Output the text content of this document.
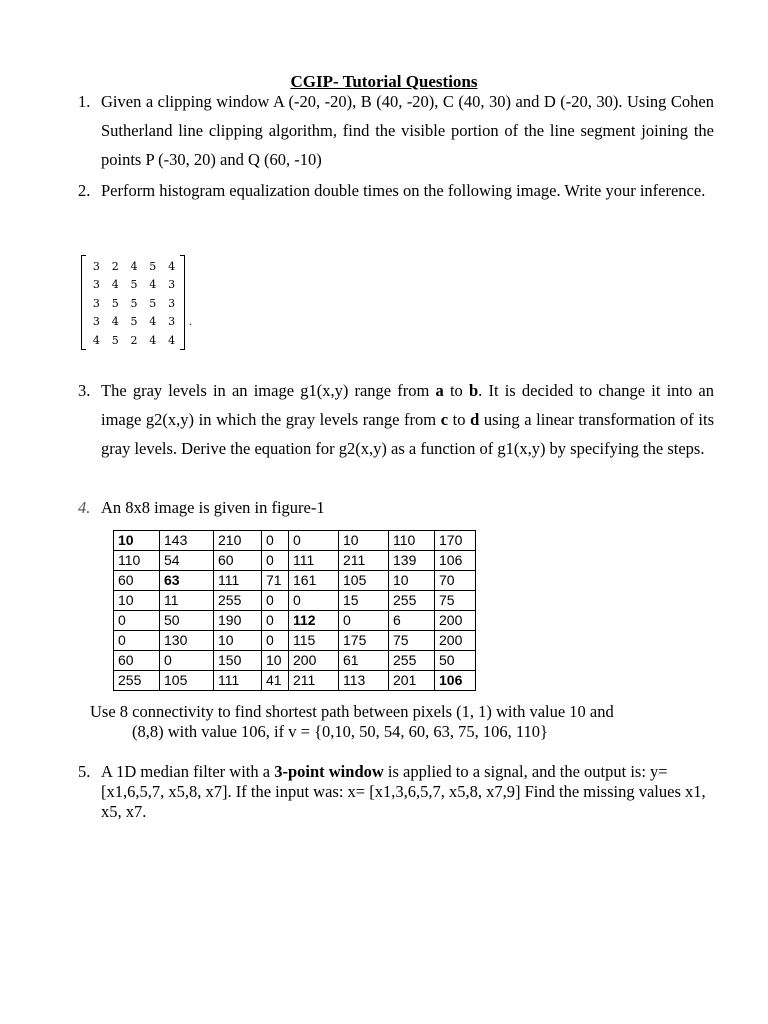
CGIP- Tutorial Questions
1. Given a clipping window A (-20, -20), B (40, -20), C (40, 30) and D (-20, 30). Using Cohen Sutherland line clipping algorithm, find the visible portion of the line segment joining the points P (-30, 20) and Q (60, -10)
2. Perform histogram equalization double times on the following image. Write your inference.
3	2	4	5	4
3	4	5	4	3
3	5	5	5	3
3	4	5	4	3
4	5	2	4	4
.
3. The gray levels in an image g1(x,y) range from a to b. It is decided to change it into an image g2(x,y) in which the gray levels range from c to d using a linear transformation of its gray levels. Derive the equation for g2(x,y) as a function of g1(x,y) by specifying the steps.
4. An 8x8 image is given in figure-1
10	143	210	0	0	10	110	170
110	54	60	0	111	211	139	106
60	63	111	71	161	105	10	70
10	11	255	0	0	15	255	75
0	50	190	0	112	0	6	200
0	130	10	0	115	175	75	200
60	0	150	10	200	61	255	50
255	105	111	41	211	113	201	106
Use 8 connectivity to find shortest path between pixels (1, 1) with value 10 and
(8,8) with value 106, if v = {0,10, 50, 54, 60, 63, 75, 106, 110}
5. A 1D median filter with a 3-point window is applied to a signal, and the output is: y= [x1,6,5,7, x5,8, x7]. If the input was: x= [x1,3,6,5,7, x5,8, x7,9] Find the missing values x1, x5, x7.
